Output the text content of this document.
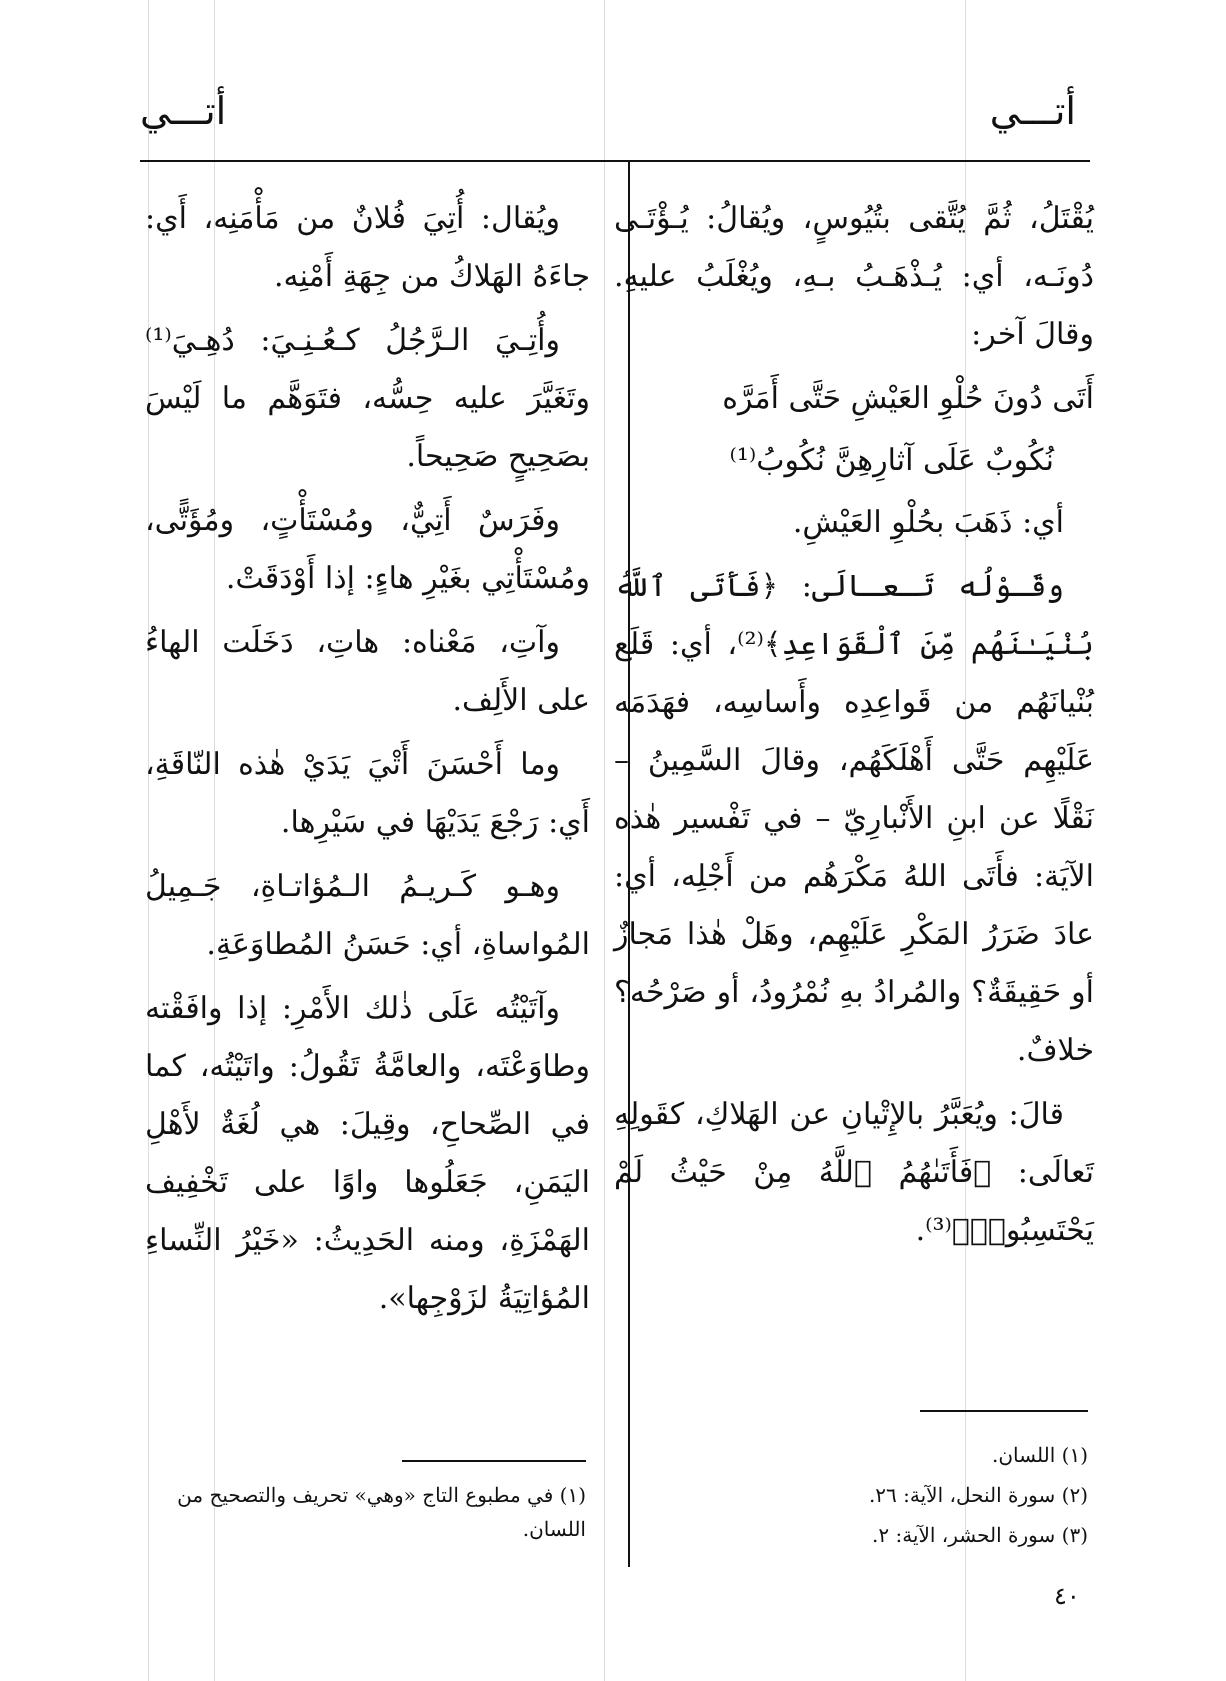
أتـــي
أتـــي

يُقْتَلُ، ثُمَّ يُتَّقى بتُيُوسٍ، ويُقالُ: يُـؤْتَـى دُونَـه، أي: يُـذْهَـبُ بـهِ، ويُغْلَبُ عليهِ. وقالَ آخر:

أَتَى دُونَ حُلْوِ العَيْشِ حَتَّى أَمَرَّه

نُكُوبٌ عَلَى آثارِهِنَّ نُكُوبُ⁽¹⁾

أي: ذَهَبَ بحُلْوِ العَيْشِ.

وقَـوْلُه تَـعـالَى: ﴿فَأَتَى ٱللَّهُ بُنْيَـٰنَهُم مِّنَ ٱلْقَوَاعِدِ﴾⁽²⁾، أي: قَلَع بُنْيانَهُم من قَواعِدِه وأَساسِه، فهَدَمَه عَلَيْهِم حَتَّى أَهْلَكَهُم، وقالَ السَّمِينُ – نَقْلًا عن ابنِ الأَنْبارِيّ – في تَفْسير هٰذه الآيَة: فأَتَى اللهُ مَكْرَهُم من أَجْلِه، أي: عادَ ضَرَرُ المَكْرِ عَلَيْهِم، وهَلْ هٰذا مَجازٌ أو حَقِيقَةٌ؟ والمُرادُ بهِ نُمْرُودُ، أو صَرْحُه؟ خلافٌ.

قالَ: ويُعَبَّرُ بالإِتْيانِ عن الهَلاكِ، كقَولِهِ تَعالَى: ﴿فَأَتَىٰهُمُ ٱللَّهُ مِنْ حَيْثُ لَمْ يَحْتَسِبُوا۟﴾⁽³⁾.

ويُقال: أُتِيَ فُلانٌ من مَأْمَنِه، أَي: جاءَهُ الهَلاكُ من جِهَةِ أَمْنِه.

وأُتِـيَ الـرَّجُلُ كـعُـنِـيَ: دُهِـيَ⁽¹⁾ وتَغَيَّرَ عليه حِسُّه، فتَوَهَّم ما لَيْسَ بصَحِيحٍ صَحِيحاً.

وفَرَسٌ أَتِيٌّ، ومُسْتَأْتٍ، ومُؤَتًّى، ومُسْتَأْتِي بغَيْرِ هاءٍ: إذا أَوْدَقَتْ.

وآتِ، مَعْناه: هاتِ، دَخَلَت الهاءُ على الأَلِف.

وما أَحْسَنَ أَتْيَ يَدَيْ هٰذه النّاقَةِ، أَي: رَجْعَ يَدَيْهَا في سَيْرِها.

وهـو كَـريـمُ الـمُؤاتـاةِ، جَـمِيلُ المُواساةِ، أي: حَسَنُ المُطاوَعَةِ.

وآتَيْتُه عَلَى ذٰلك الأَمْرِ: إذا وافَقْته وطاوَعْتَه، والعامَّةُ تَقُولُ: واتَيْتُه، كما في الصِّحاحِ، وقِيلَ: هي لُغَةٌ لأَهْلِ اليَمَنِ، جَعَلُوها واوًا على تَخْفِيف الهَمْزَةِ، ومنه الحَدِيثُ: «خَيْرُ النِّساءِ المُؤاتِيَةُ لزَوْجِها».

(١) اللسان.

(٢) سورة النحل، الآية: ٢٦.

(٣) سورة الحشر، الآية: ٢.

(١) في مطبوع التاج «وهي» تحريف والتصحيح من اللسان.

٤٠
